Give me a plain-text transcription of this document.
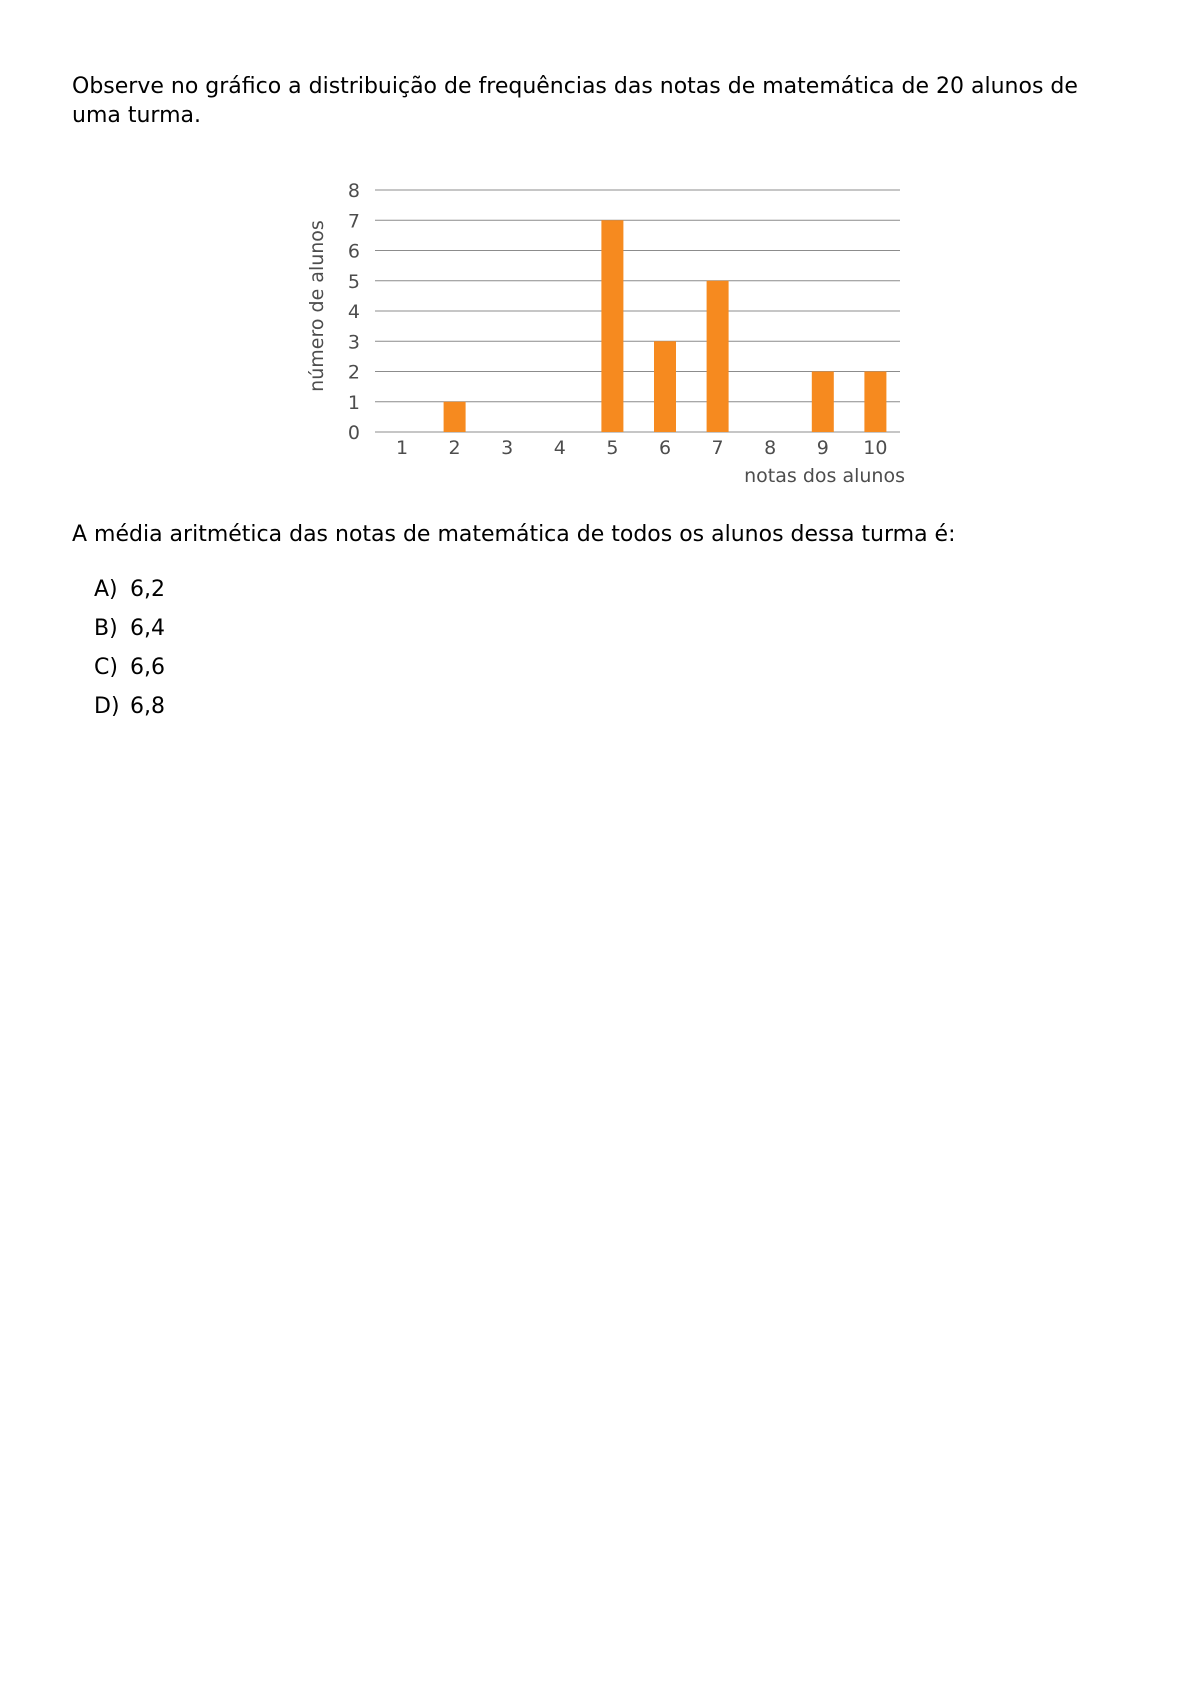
Observe no gráfico a distribuição de frequências das notas de matemática de 20 alunos de uma turma.

0
1
2
3
4
5
6
7
8
1 2 3 4 5 6 7 8 9 10
número de alunos
notas dos alunos

A média aritmética das notas de matemática de todos os alunos dessa turma é:

A) 6,2
B) 6,4
C) 6,6
D) 6,8
